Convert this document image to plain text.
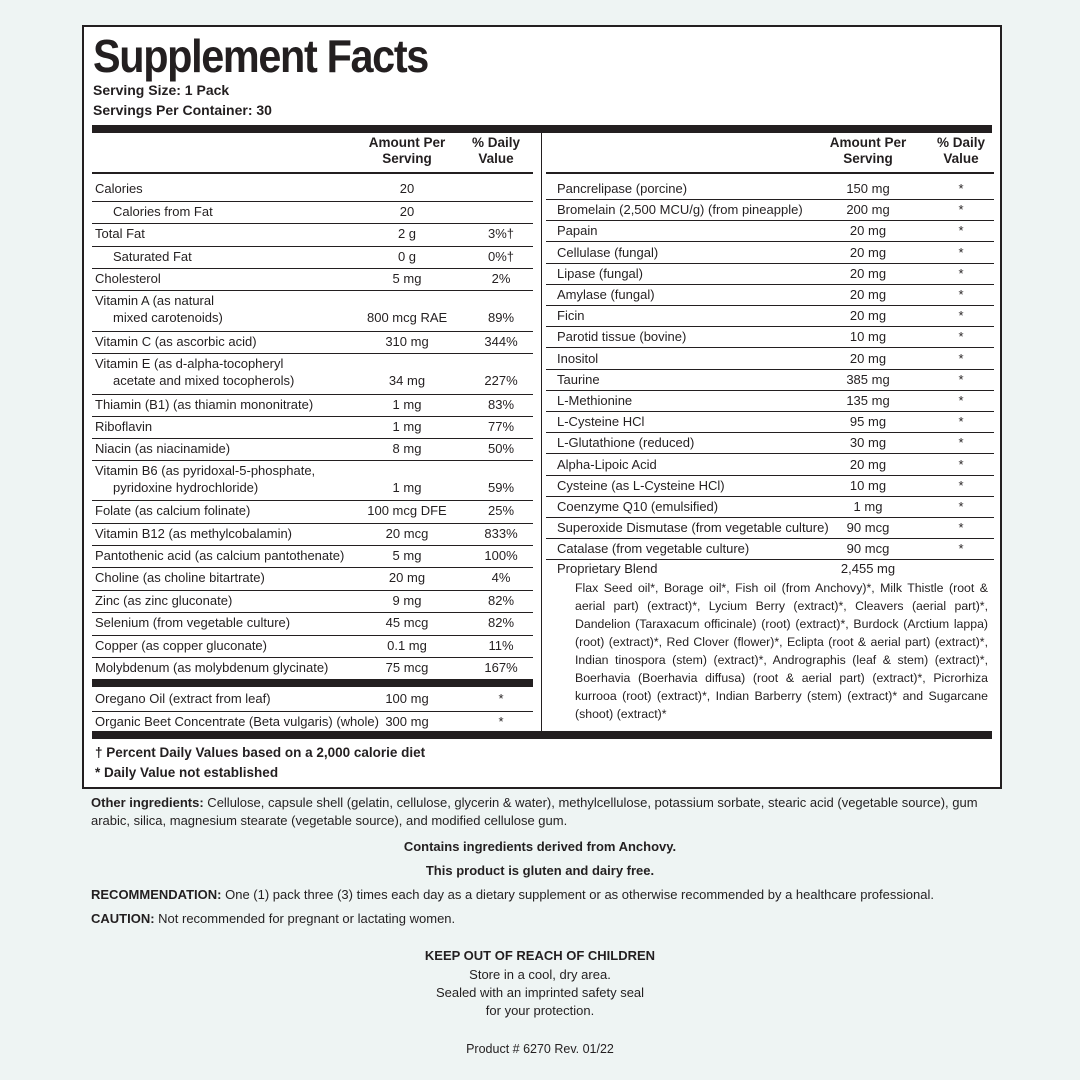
Supplement Facts
Serving Size: 1 Pack
Servings Per Container: 30
Amount Per
Serving
% Daily
Value
Amount Per
Serving
% Daily
Value
Calories	20
Calories from Fat	20
Total Fat	2 g	3%†
Saturated Fat	0 g	0%†
Cholesterol	5 mg	2%
Vitamin A (as natural
mixed carotenoids)	800 mcg RAE	89%
Vitamin C (as ascorbic acid)	310 mg	344%
Vitamin E (as d-alpha-tocopheryl
acetate and mixed tocopherols)	34 mg	227%
Thiamin (B1) (as thiamin mononitrate)	1 mg	83%
Riboflavin	1 mg	77%
Niacin (as niacinamide)	8 mg	50%
Vitamin B6 (as pyridoxal-5-phosphate,
pyridoxine hydrochloride)	1 mg	59%
Folate (as calcium folinate)	100 mcg DFE	25%
Vitamin B12 (as methylcobalamin)	20 mcg	833%
Pantothenic acid (as calcium pantothenate)	5 mg	100%
Choline (as choline bitartrate)	20 mg	4%
Zinc (as zinc gluconate)	9 mg	82%
Selenium (from vegetable culture)	45 mcg	82%
Copper (as copper gluconate)	0.1 mg	11%
Molybdenum (as molybdenum glycinate)	75 mcg	167%
Oregano Oil (extract from leaf)	100 mg	*
Organic Beet Concentrate (Beta vulgaris) (whole) 300 mg	*
Pancrelipase (porcine)	150 mg	*
Bromelain (2,500 MCU/g) (from pineapple)	200 mg	*
Papain	20 mg	*
Cellulase (fungal)	20 mg	*
Lipase (fungal)	20 mg	*
Amylase (fungal)	20 mg	*
Ficin	20 mg	*
Parotid tissue (bovine)	10 mg	*
Inositol	20 mg	*
Taurine	385 mg	*
L-Methionine	135 mg	*
L-Cysteine HCl	95 mg	*
L-Glutathione (reduced)	30 mg	*
Alpha-Lipoic Acid	20 mg	*
Cysteine (as L-Cysteine HCl)	10 mg	*
Coenzyme Q10 (emulsified)	1 mg	*
Superoxide Dismutase (from vegetable culture)	90 mcg	*
Catalase (from vegetable culture)	90 mcg	*
Proprietary Blend	2,455 mg
Flax Seed oil*, Borage oil*, Fish oil (from Anchovy)*, Milk Thistle (root & aerial part) (extract)*, Lycium Berry (extract)*, Cleavers (aerial part)*, Dandelion (Taraxacum officinale) (root) (extract)*, Burdock (Arctium lappa) (root) (extract)*, Red Clover (flower)*, Eclipta (root & aerial part) (extract)*, Indian tinospora (stem) (extract)*, Andrographis (leaf & stem) (extract)*, Boerhavia (Boerhavia diffusa) (root & aerial part) (extract)*, Picrorhiza kurrooa (root) (extract)*, Indian Barberry (stem) (extract)* and Sugarcane (shoot) (extract)*
† Percent Daily Values based on a 2,000 calorie diet
* Daily Value not established
Other ingredients: Cellulose, capsule shell (gelatin, cellulose, glycerin & water), methylcellulose, potassium sorbate, stearic acid (vegetable source), gum arabic, silica, magnesium stearate (vegetable source), and modified cellulose gum.
Contains ingredients derived from Anchovy.
This product is gluten and dairy free.
RECOMMENDATION: One (1) pack three (3) times each day as a dietary supplement or as otherwise recommended by a healthcare professional.
CAUTION: Not recommended for pregnant or lactating women.
KEEP OUT OF REACH OF CHILDREN
Store in a cool, dry area.
Sealed with an imprinted safety seal
for your protection.
Product # 6270 Rev. 01/22
